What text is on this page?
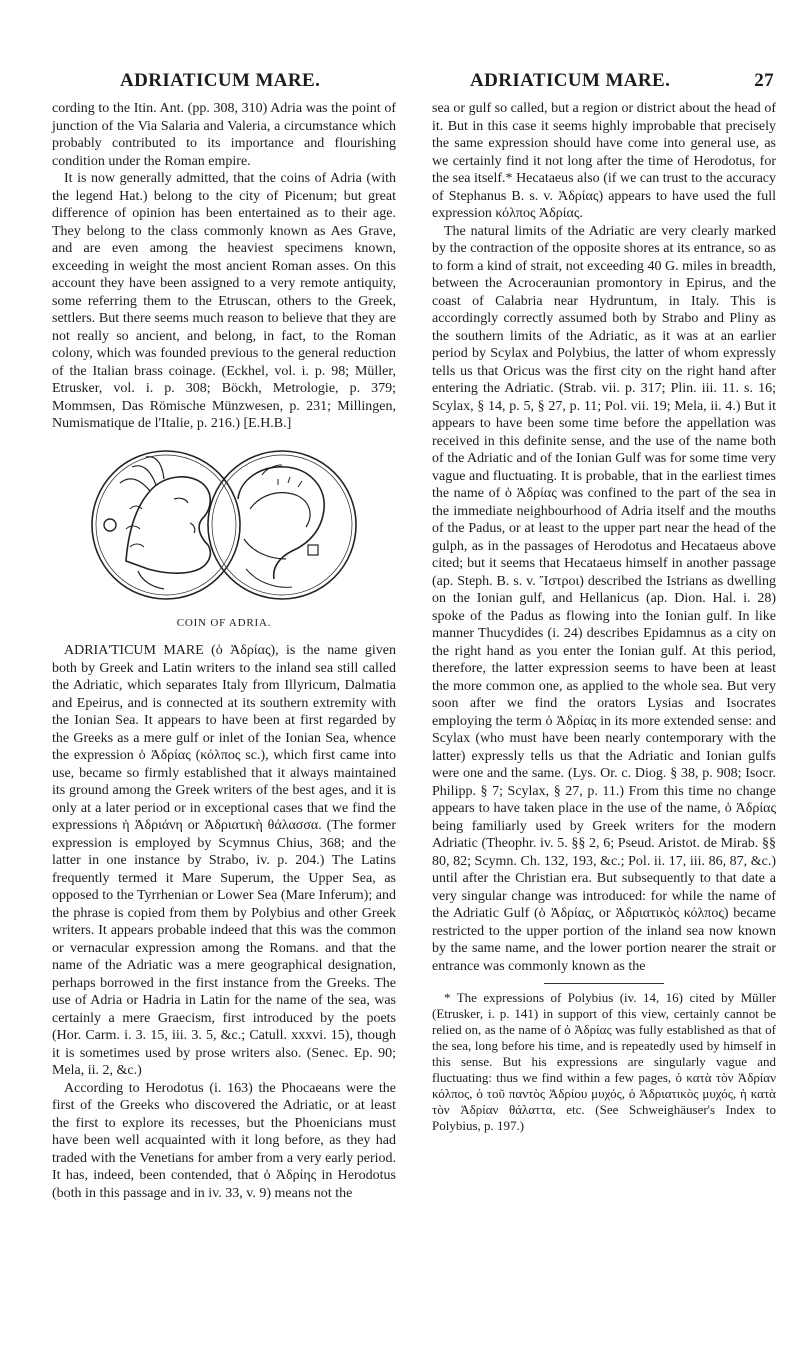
ADRIATICUM MARE.	ADRIATICUM MARE.	27

cording to the Itin. Ant. (pp. 308, 310) Adria was the point of junction of the Via Salaria and Valeria, a circumstance which probably contributed to its importance and flourishing condition under the Roman empire.

It is now generally admitted, that the coins of Adria (with the legend Hat.) belong to the city of Picenum; but great difference of opinion has been entertained as to their age. They belong to the class commonly known as Aes Grave, and are even among the heaviest specimens known, exceeding in weight the most ancient Roman asses. On this account they have been assigned to a very remote antiquity, some referring them to the Etruscan, others to the Greek, settlers. But there seems much reason to believe that they are not really so ancient, and belong, in fact, to the Roman colony, which was founded previous to the general reduction of the Italian brass coinage. (Eckhel, vol. i. p. 98; Müller, Etrusker, vol. i. p. 308; Böckh, Metrologie, p. 379; Mommsen, Das Römische Münzwesen, p. 231; Millingen, Numismatique de l'Italie, p. 216.) [E.H.B.]

COIN OF ADRIA.

ADRIA'TICUM MARE (ὁ Ἀδρίας), is the name given both by Greek and Latin writers to the inland sea still called the Adriatic, which separates Italy from Illyricum, Dalmatia and Epeirus, and is connected at its southern extremity with the Ionian Sea. It appears to have been at first regarded by the Greeks as a mere gulf or inlet of the Ionian Sea, whence the expression ὁ Ἀδρίας (κόλπος sc.), which first came into use, became so firmly established that it always maintained its ground among the Greek writers of the best ages, and it is only at a later period or in exceptional cases that we find the expressions ἡ Ἀδριάνη or Ἀδριατικὴ θάλασσα. (The former expression is employed by Scymnus Chius, 368; and the latter in one instance by Strabo, iv. p. 204.) The Latins frequently termed it Mare Superum, the Upper Sea, as opposed to the Tyrrhenian or Lower Sea (Mare Inferum); and the phrase is copied from them by Polybius and other Greek writers. It appears probable indeed that this was the common or vernacular expression among the Romans. and that the name of the Adriatic was a mere geographical designation, perhaps borrowed in the first instance from the Greeks. The use of Adria or Hadria in Latin for the name of the sea, was certainly a mere Graecism, first introduced by the poets (Hor. Carm. i. 3. 15, iii. 3. 5, &c.; Catull. xxxvi. 15), though it is sometimes used by prose writers also. (Senec. Ep. 90; Mela, ii. 2, &c.)

According to Herodotus (i. 163) the Phocaeans were the first of the Greeks who discovered the Adriatic, or at least the first to explore its recesses, but the Phoenicians must have been well acquainted with it long before, as they had traded with the Venetians for amber from a very early period. It has, indeed, been contended, that ὁ Ἀδρίης in Herodotus (both in this passage and in iv. 33, v. 9) means not the

sea or gulf so called, but a region or district about the head of it. But in this case it seems highly improbable that precisely the same expression should have come into general use, as we certainly find it not long after the time of Herodotus, for the sea itself.* Hecataeus also (if we can trust to the accuracy of Stephanus B. s. v. Ἀδρίας) appears to have used the full expression κόλπος Ἀδρίας.

The natural limits of the Adriatic are very clearly marked by the contraction of the opposite shores at its entrance, so as to form a kind of strait, not exceeding 40 G. miles in breadth, between the Acroceraunian promontory in Epirus, and the coast of Calabria near Hydruntum, in Italy. This is accordingly correctly assumed both by Strabo and Pliny as the southern limits of the Adriatic, as it was at an earlier period by Scylax and Polybius, the latter of whom expressly tells us that Oricus was the first city on the right hand after entering the Adriatic. (Strab. vii. p. 317; Plin. iii. 11. s. 16; Scylax, § 14, p. 5, § 27, p. 11; Pol. vii. 19; Mela, ii. 4.) But it appears to have been some time before the appellation was received in this definite sense, and the use of the name both of the Adriatic and of the Ionian Gulf was for some time very vague and fluctuating. It is probable, that in the earliest times the name of ὁ Ἀδρίας was confined to the part of the sea in the immediate neighbourhood of Adria itself and the mouths of the Padus, or at least to the upper part near the head of the gulph, as in the passages of Herodotus and Hecataeus above cited; but it seems that Hecataeus himself in another passage (ap. Steph. B. s. v. Ἴστροι) described the Istrians as dwelling on the Ionian gulf, and Hellanicus (ap. Dion. Hal. i. 28) spoke of the Padus as flowing into the Ionian gulf. In like manner Thucydides (i. 24) describes Epidamnus as a city on the right hand as you enter the Ionian gulf. At this period, therefore, the latter expression seems to have been at least the more common one, as applied to the whole sea. But very soon after we find the orators Lysias and Isocrates employing the term ὁ Ἀδρίας in its more extended sense: and Scylax (who must have been nearly contemporary with the latter) expressly tells us that the Adriatic and Ionian gulfs were one and the same. (Lys. Or. c. Diog. § 38, p. 908; Isocr. Philipp. § 7; Scylax, § 27, p. 11.) From this time no change appears to have taken place in the use of the name, ὁ Ἀδρίας being familiarly used by Greek writers for the modern Adriatic (Theophr. iv. 5. §§ 2, 6; Pseud. Aristot. de Mirab. §§ 80, 82; Scymn. Ch. 132, 193, &c.; Pol. ii. 17, iii. 86, 87, &c.) until after the Christian era. But subsequently to that date a very singular change was introduced: for while the name of the Adriatic Gulf (ὁ Ἀδρίας, or Ἀδριατικὸς κόλπος) became restricted to the upper portion of the inland sea now known by the same name, and the lower portion nearer the strait or entrance was commonly known as the

* The expressions of Polybius (iv. 14, 16) cited by Müller (Etrusker, i. p. 141) in support of this view, certainly cannot be relied on, as the name of ὁ Ἀδρίας was fully established as that of the sea, long before his time, and is repeatedly used by himself in this sense. But his expressions are singularly vague and fluctuating: thus we find within a few pages, ὁ κατὰ τὸν Ἀδρίαν κόλπος, ὁ τοῦ παντὸς Ἀδρίου μυχός, ὁ Ἀδριατικὸς μυχός, ἡ κατὰ τὸν Ἀδρίαν θάλαττα, etc. (See Schweighäuser's Index to Polybius, p. 197.)
